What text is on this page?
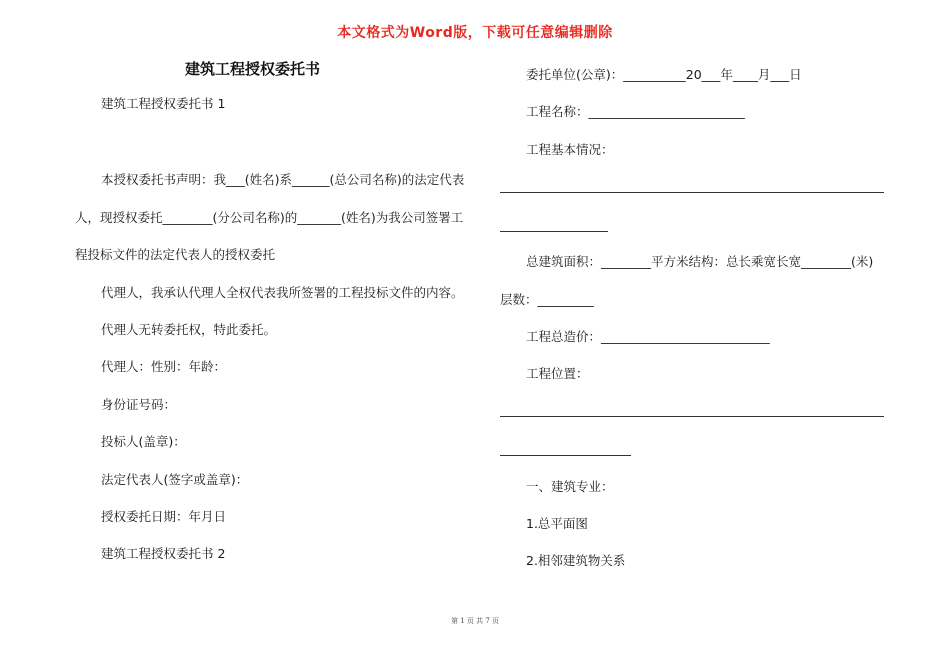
本文格式为Word版，下载可任意编辑删除
建筑工程授权委托书
建筑工程授权委托书 1
本授权委托书声明：我___(姓名)系______(总公司名称)的法定代表
人，现授权委托________(分公司名称)的_______(姓名)为我公司签署工
程投标文件的法定代表人的授权委托
代理人，我承认代理人全权代表我所签署的工程投标文件的内容。
代理人无转委托权，特此委托。
代理人：性别：年龄：
身份证号码：
投标人(盖章)：
法定代表人(签字或盖章)：
授权委托日期：年月日
建筑工程授权委托书 2
委托单位(公章)：__________20___年____月___日
工程名称：_________________________
工程基本情况：
总建筑面积：________平方米结构：总长乘宽长宽________(米)
层数：_________
工程总造价：___________________________
工程位置：
一、建筑专业：
1.总平面图
2.相邻建筑物关系
第 1 页 共 7 页
